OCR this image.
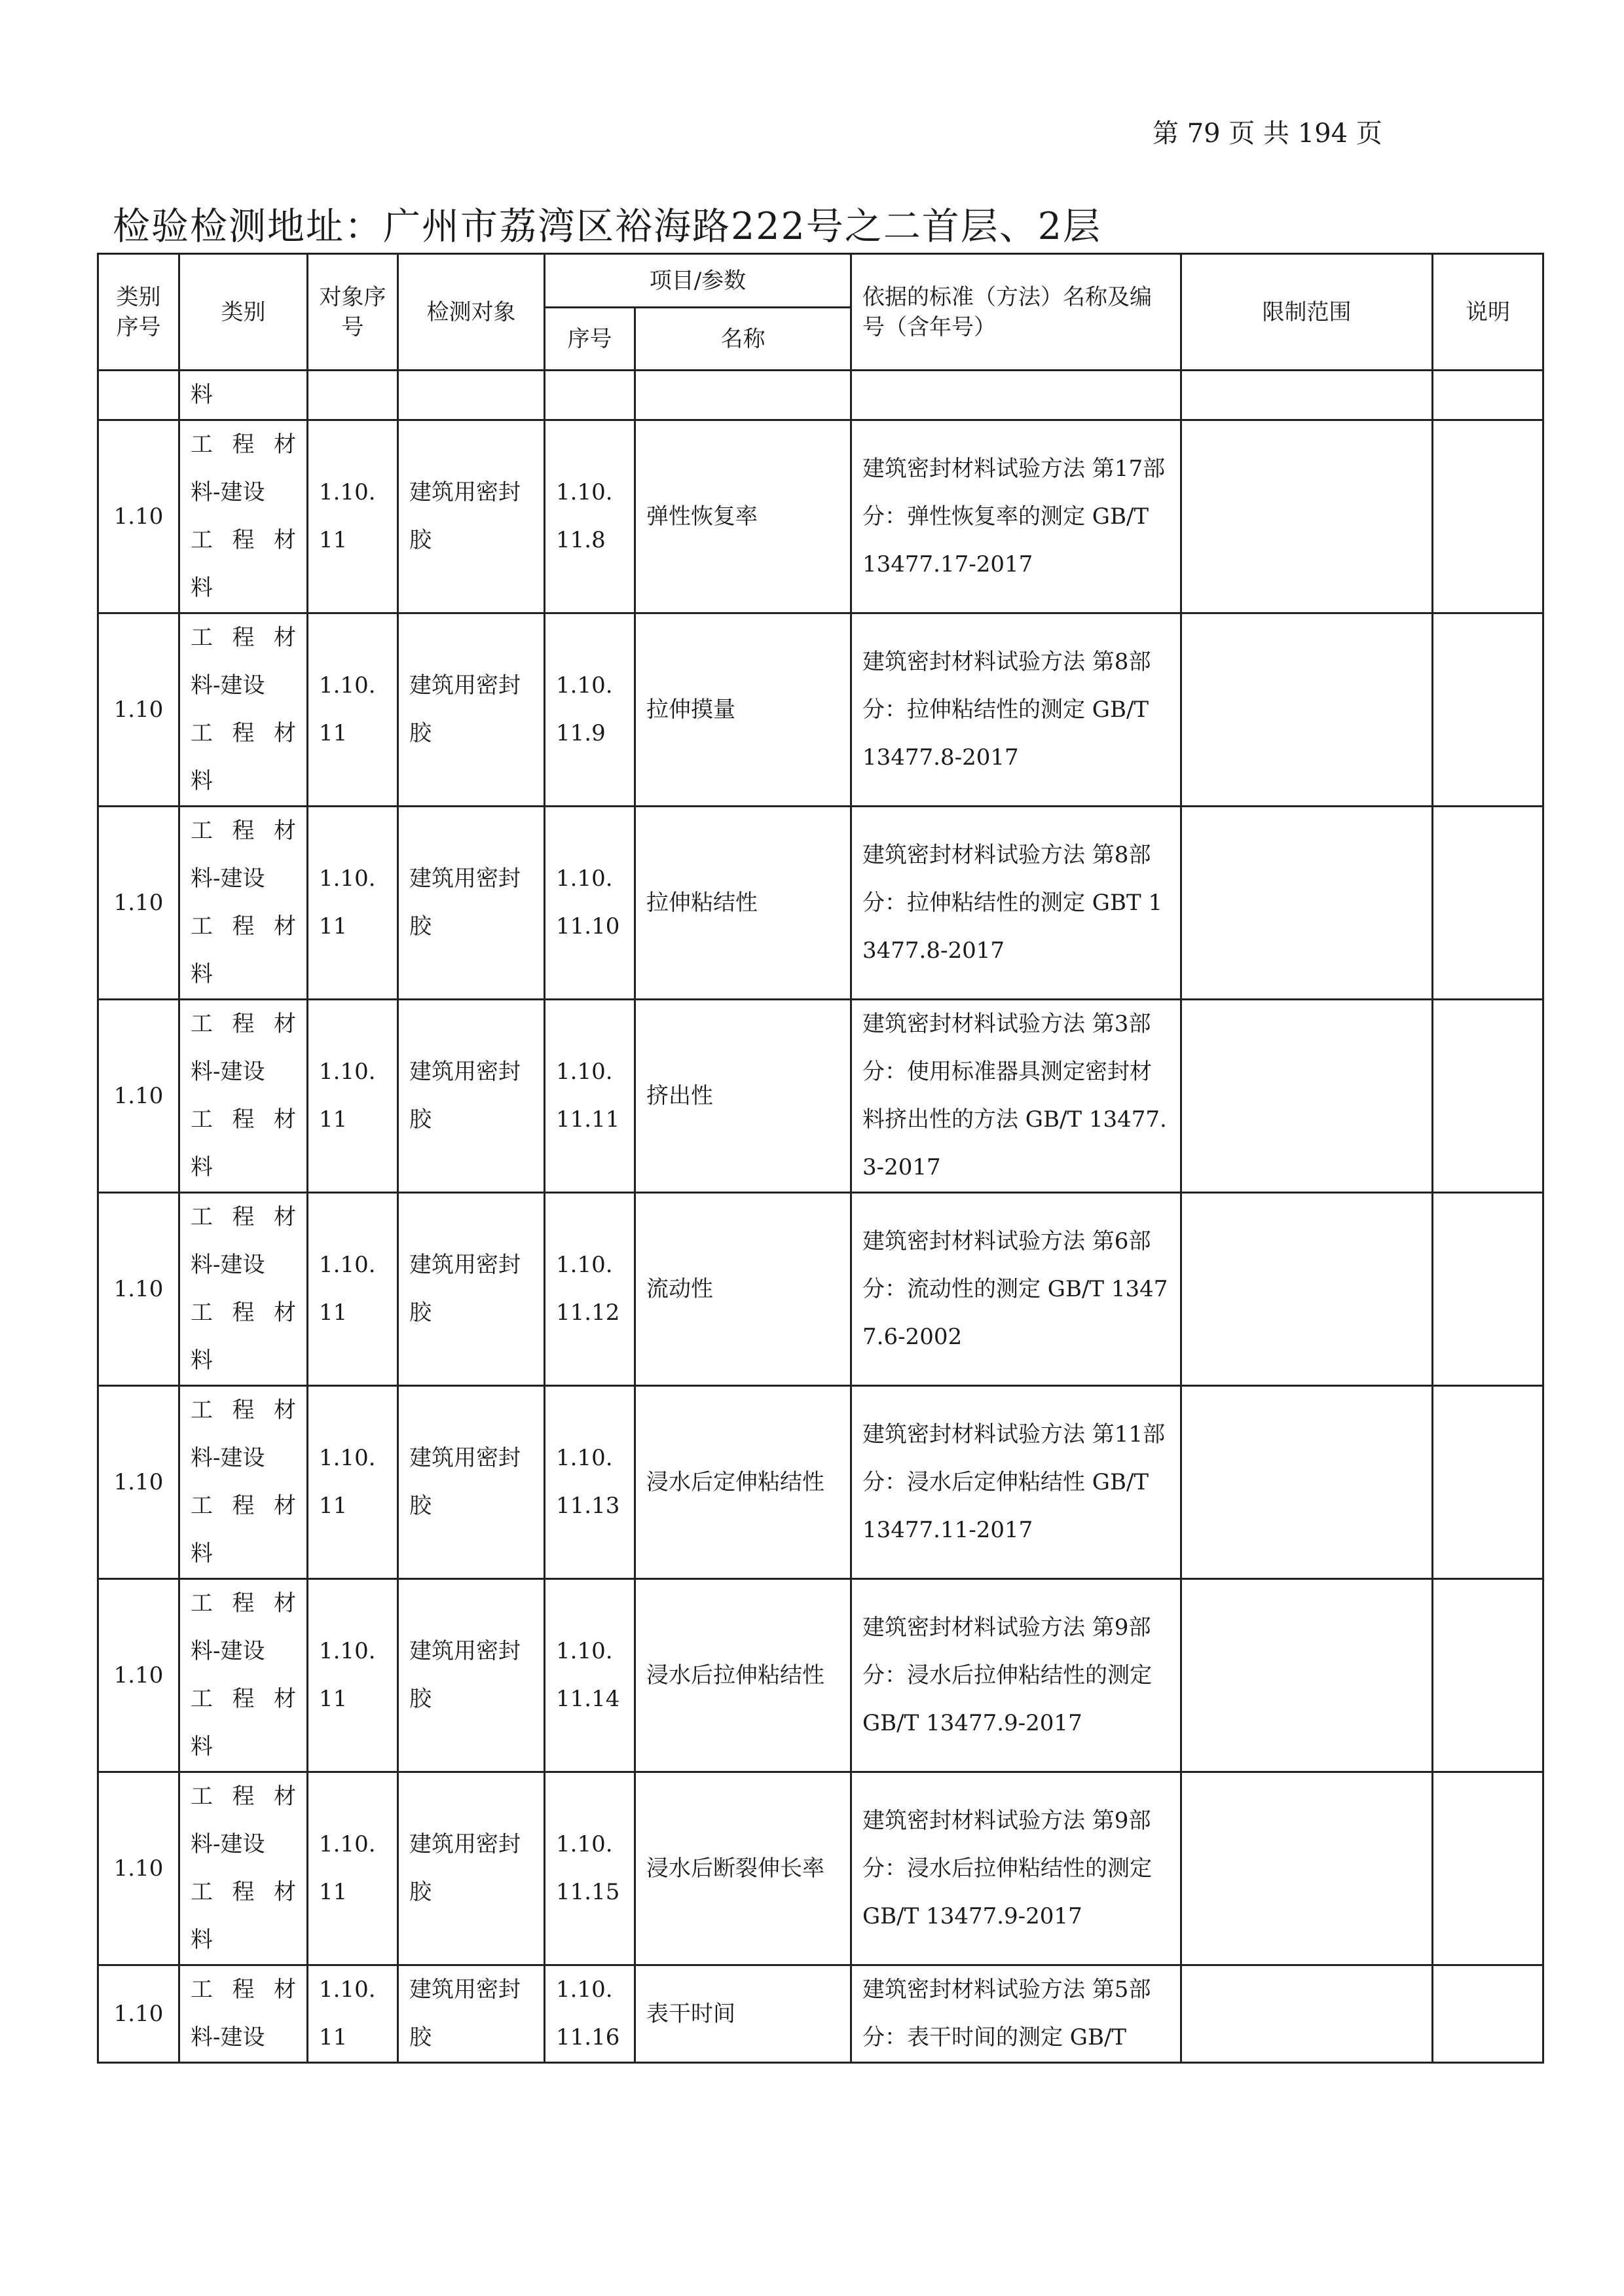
第 79 页 共 194 页
检验检测地址：广州市荔湾区裕海路222号之二首层、2层
类别序号	类别	对象序号	检测对象	项目/参数		依据的标准（方法）名称及编号（含年号）	限制范围	说明
				序号	名称			
	料							
1.10	工程材
料-建设
工程材
料	1.10.11	建筑用密封胶	1.10.11.8	弹性恢复率	建筑密封材料试验方法 第17部分：弹性恢复率的测定 GB/T 13477.17-2017		
1.10	工程材
料-建设
工程材
料	1.10.11	建筑用密封胶	1.10.11.9	拉伸摸量	建筑密封材料试验方法 第8部分：拉伸粘结性的测定 GB/T 13477.8-2017		
1.10	工程材
料-建设
工程材
料	1.10.11	建筑用密封胶	1.10.11.10	拉伸粘结性	建筑密封材料试验方法 第8部分：拉伸粘结性的测定 GBT 13477.8-2017		
1.10	工程材
料-建设
工程材
料	1.10.11	建筑用密封胶	1.10.11.11	挤出性	建筑密封材料试验方法 第3部分：使用标准器具测定密封材料挤出性的方法 GB/T 13477.3-2017		
1.10	工程材
料-建设
工程材
料	1.10.11	建筑用密封胶	1.10.11.12	流动性	建筑密封材料试验方法 第6部分：流动性的测定 GB/T 13477.6-2002		
1.10	工程材
料-建设
工程材
料	1.10.11	建筑用密封胶	1.10.11.13	浸水后定伸粘结性	建筑密封材料试验方法 第11部分：浸水后定伸粘结性 GB/T 13477.11-2017		
1.10	工程材
料-建设
工程材
料	1.10.11	建筑用密封胶	1.10.11.14	浸水后拉伸粘结性	建筑密封材料试验方法 第9部分：浸水后拉伸粘结性的测定 GB/T 13477.9-2017		
1.10	工程材
料-建设
工程材
料	1.10.11	建筑用密封胶	1.10.11.15	浸水后断裂伸长率	建筑密封材料试验方法 第9部分：浸水后拉伸粘结性的测定 GB/T 13477.9-2017		
1.10	工程材
料-建设	1.10.11	建筑用密封胶	1.10.11.16	表干时间	建筑密封材料试验方法 第5部分：表干时间的测定 GB/T		
